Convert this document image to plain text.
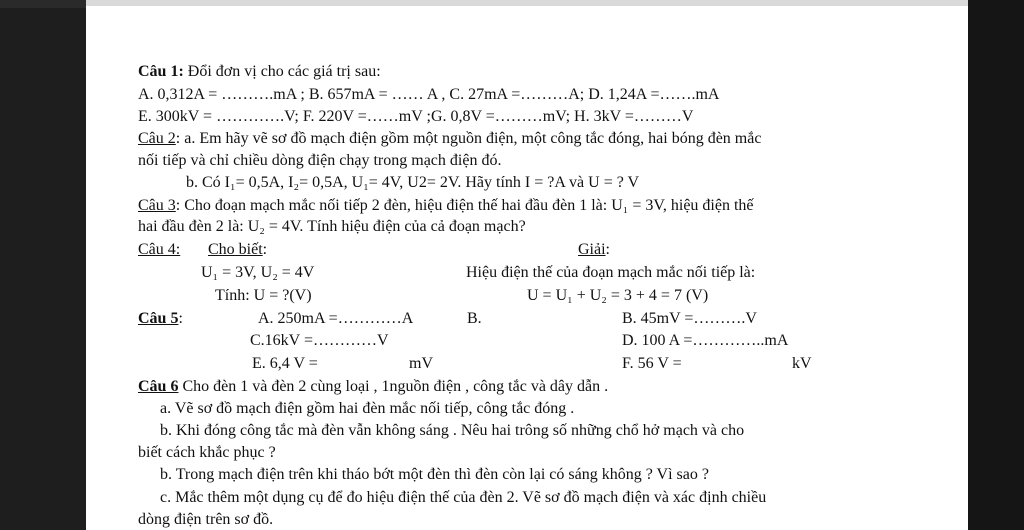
Câu 1: Đổi đơn vị cho các giá trị sau:
A. 0,312A = ……….mA ; B. 657mA = …… A , C. 27mA =………A; D. 1,24A =…….mA
E. 300kV = ………….V; F. 220V =……mV ;G. 0,8V =………mV; H. 3kV =………V
Câu 2: a. Em hãy vẽ sơ đồ mạch điện gồm một nguồn điện, một công tắc đóng, hai bóng đèn mắc
nối tiếp và chỉ chiều dòng điện chạy trong mạch điện đó.
b. Có I₁= 0,5A, I₂= 0,5A, U₁= 4V, U2= 2V. Hãy tính I = ?A và U = ? V
Câu 3: Cho đoạn mạch mắc nối tiếp 2 đèn, hiệu điện thế hai đầu đèn 1 là: U₁ = 3V, hiệu điện thế
hai đầu đèn 2 là: U₂ = 4V. Tính hiệu điện của cả đoạn mạch?
Câu 4: Cho biết:	Giải:
U₁ = 3V, U₂ = 4V	Hiệu điện thế của đoạn mạch mắc nối tiếp là:
Tính: U = ?(V)	U = U₁ + U₂ = 3 + 4 = 7 (V)
Câu 5:	A. 250mA =…………A	B.	B. 45mV =……….V
C.16kV =…………V	D. 100 A =…………..mA
E. 6,4 V =	mV	F. 56 V =	kV
Câu 6 Cho đèn 1 và đèn 2 cùng loại , 1nguồn điện , công tắc và dây dẫn .
a. Vẽ sơ đồ mạch điện gồm hai đèn mắc nối tiếp, công tắc đóng .
b. Khi đóng công tắc mà đèn vẫn không sáng . Nêu hai trông số những chổ hở mạch và cho
biết cách khắc phục ?
b. Trong mạch điện trên khi tháo bớt một đèn thì đèn còn lại có sáng không ? Vì sao ?
c. Mắc thêm một dụng cụ để đo hiệu điện thế của đèn 2. Vẽ sơ đồ mạch điện và xác định chiều
dòng điện trên sơ đồ.
